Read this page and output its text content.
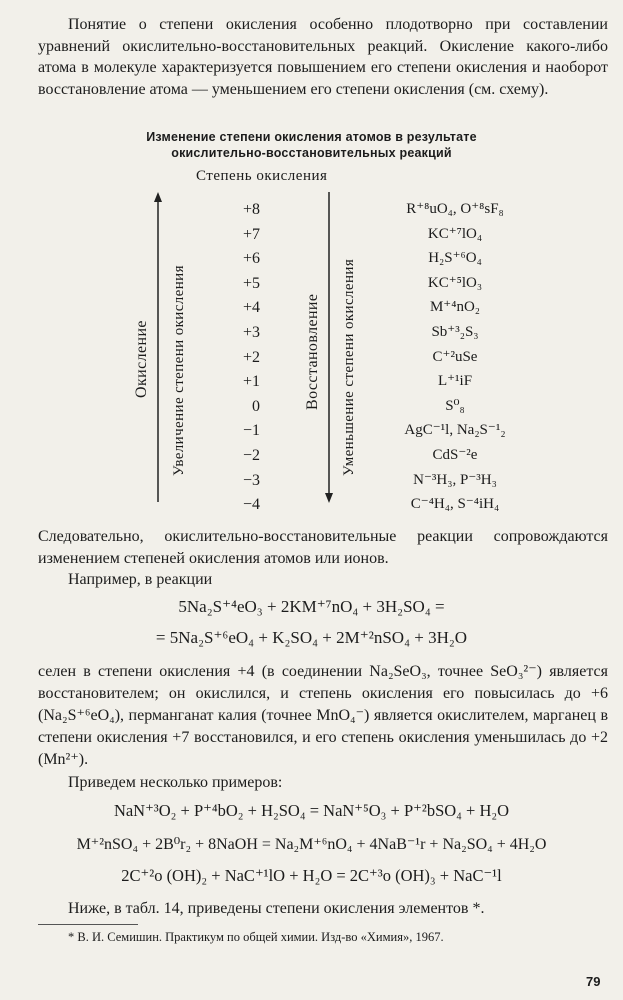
Понятие о степени окисления особенно плодотворно при составлении уравнений окислительно-восстановительных реакций. Окисление какого-либо атома в молекуле характеризуется повышением его степени окисления и наоборот восстановление атома — уменьшением его степени окисления (см. схему).

Изменение степени окисления атомов в результате
окислительно-восстановительных реакций
Степень окисления
Окисление Увеличение степени окисления	Восстановление Уменьшение степени окисления
+8
+7
+6
+5
+4
+3
+2
+1
0
−1
−2
−3
−4
R⁺⁸uO₄, O⁺⁸sF₈
KC⁺⁷lO₄
H₂S⁺⁶O₄
KC⁺⁵lO₃
M⁺⁴nO₂
Sb⁺³₂S₃
C⁺²uSe
L⁺¹iF
S⁰₈
AgC⁻¹l, Na₂S⁻¹₂
CdS⁻²e
N⁻³H₃, P⁻³H₃
C⁻⁴H₄, S⁻⁴iH₄

Следовательно, окислительно-восстановительные реакции сопровождаются изменением степеней окисления атомов или ионов.

Например, в реакции

5Na₂S⁺⁴eO₃ + 2KM⁺⁷nO₄ + 3H₂SO₄ =
= 5Na₂S⁺⁶eO₄ + K₂SO₄ + 2M⁺²nSO₄ + 3H₂O

селен в степени окисления +4 (в соединении Na₂SeO₃, точнее SeO₃²⁻) является восстановителем; он окислился, и степень окисления его повысилась до +6 (Na₂S⁺⁶eO₄), перманганат калия (точнее MnO₄⁻) является окислителем, марганец в степени окисления +7 восстановился, и его степень окисления уменьшилась до +2 (Mn²⁺).

Приведем несколько примеров:

NaN⁺³O₂ + P⁺⁴bO₂ + H₂SO₄ = NaN⁺⁵O₃ + P⁺²bSO₄ + H₂O
M⁺²nSO₄ + 2B⁰r₂ + 8NaOH = Na₂M⁺⁶nO₄ + 4NaB⁻¹r + Na₂SO₄ + 4H₂O
2C⁺²o (OH)₂ + NaC⁺¹lO + H₂O = 2C⁺³o (OH)₃ + NaC⁻¹l

Ниже, в табл. 14, приведены степени окисления элементов *.

* В. И. Семишин. Практикум по общей химии. Изд-во «Химия», 1967.

79
